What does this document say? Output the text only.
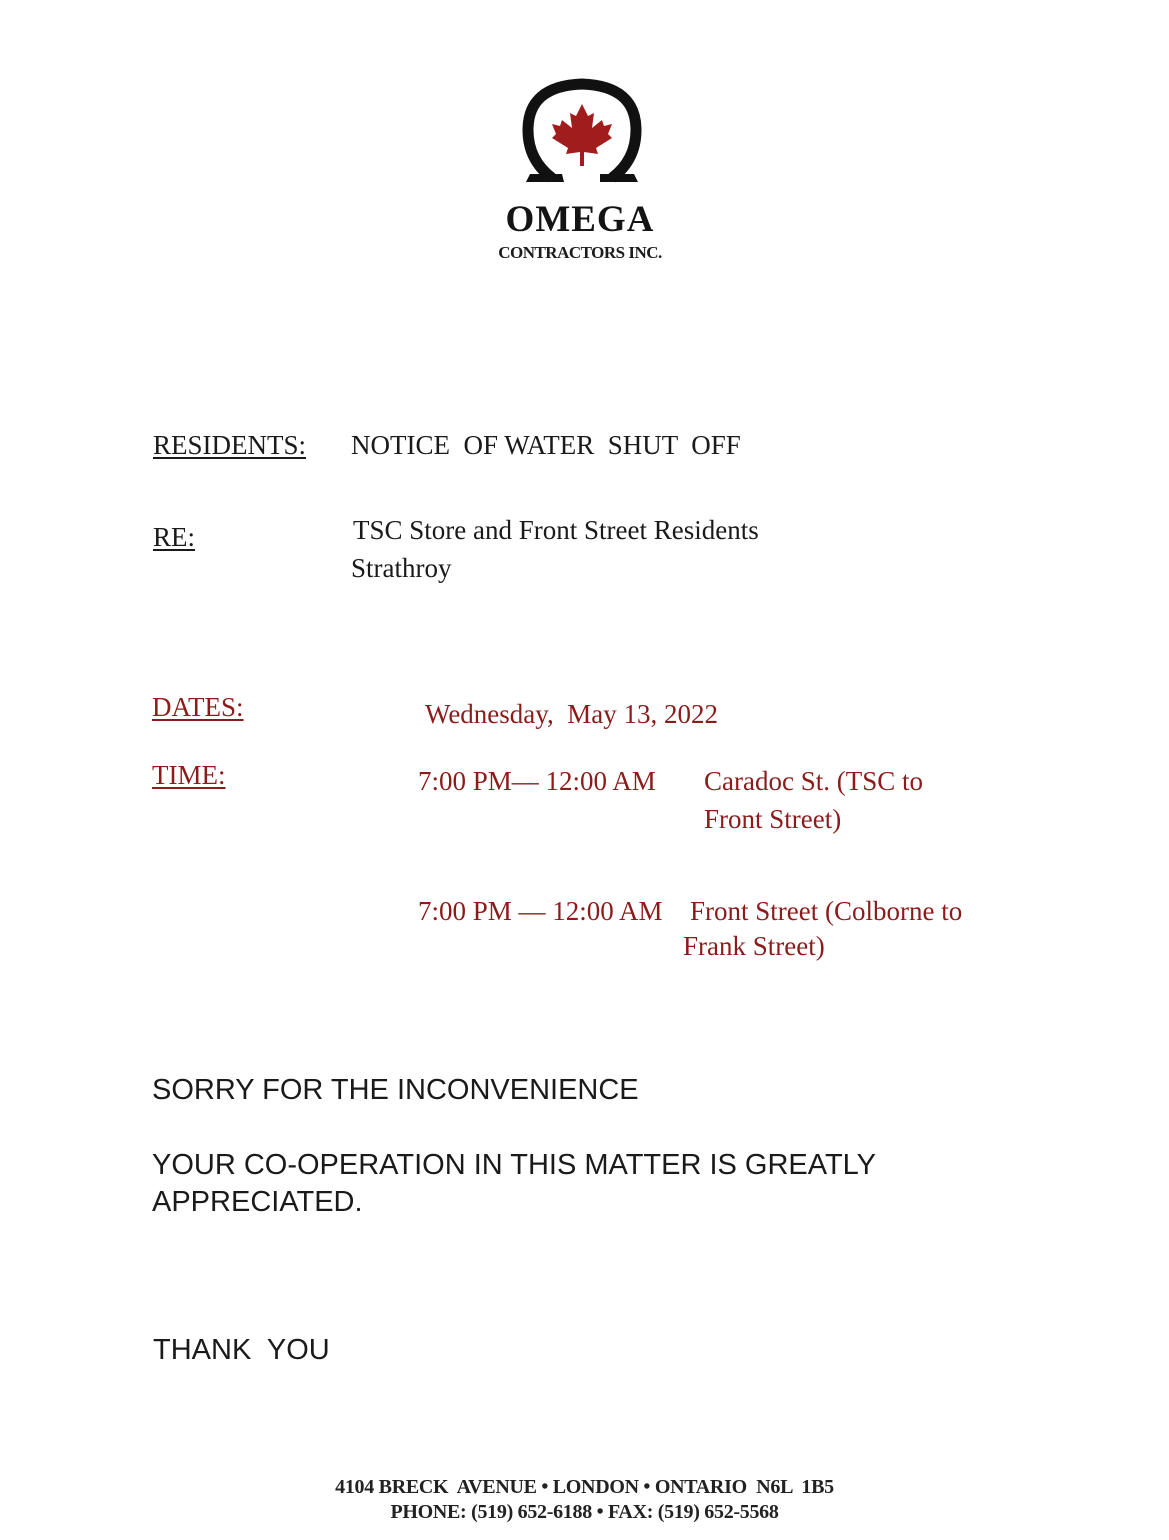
OMEGA
CONTRACTORS INC.
RESIDENTS: NOTICE  OF WATER  SHUT  OFF
RE:	TSC Store and Front Street Residents
Strathroy
DATES:	Wednesday,  May 13, 2022
TIME:	7:00 PM— 12:00 AM Caradoc St. (TSC to
Front Street)
7:00 PM — 12:00 AM Front Street (Colborne to
Frank Street)
SORRY FOR THE INCONVENIENCE
YOUR CO-OPERATION IN THIS MATTER IS GREATLY
APPRECIATED.
THANK  YOU
4104 BRECK  AVENUE • LONDON • ONTARIO  N6L  1B5
PHONE: (519) 652-6188 • FAX: (519) 652-5568
